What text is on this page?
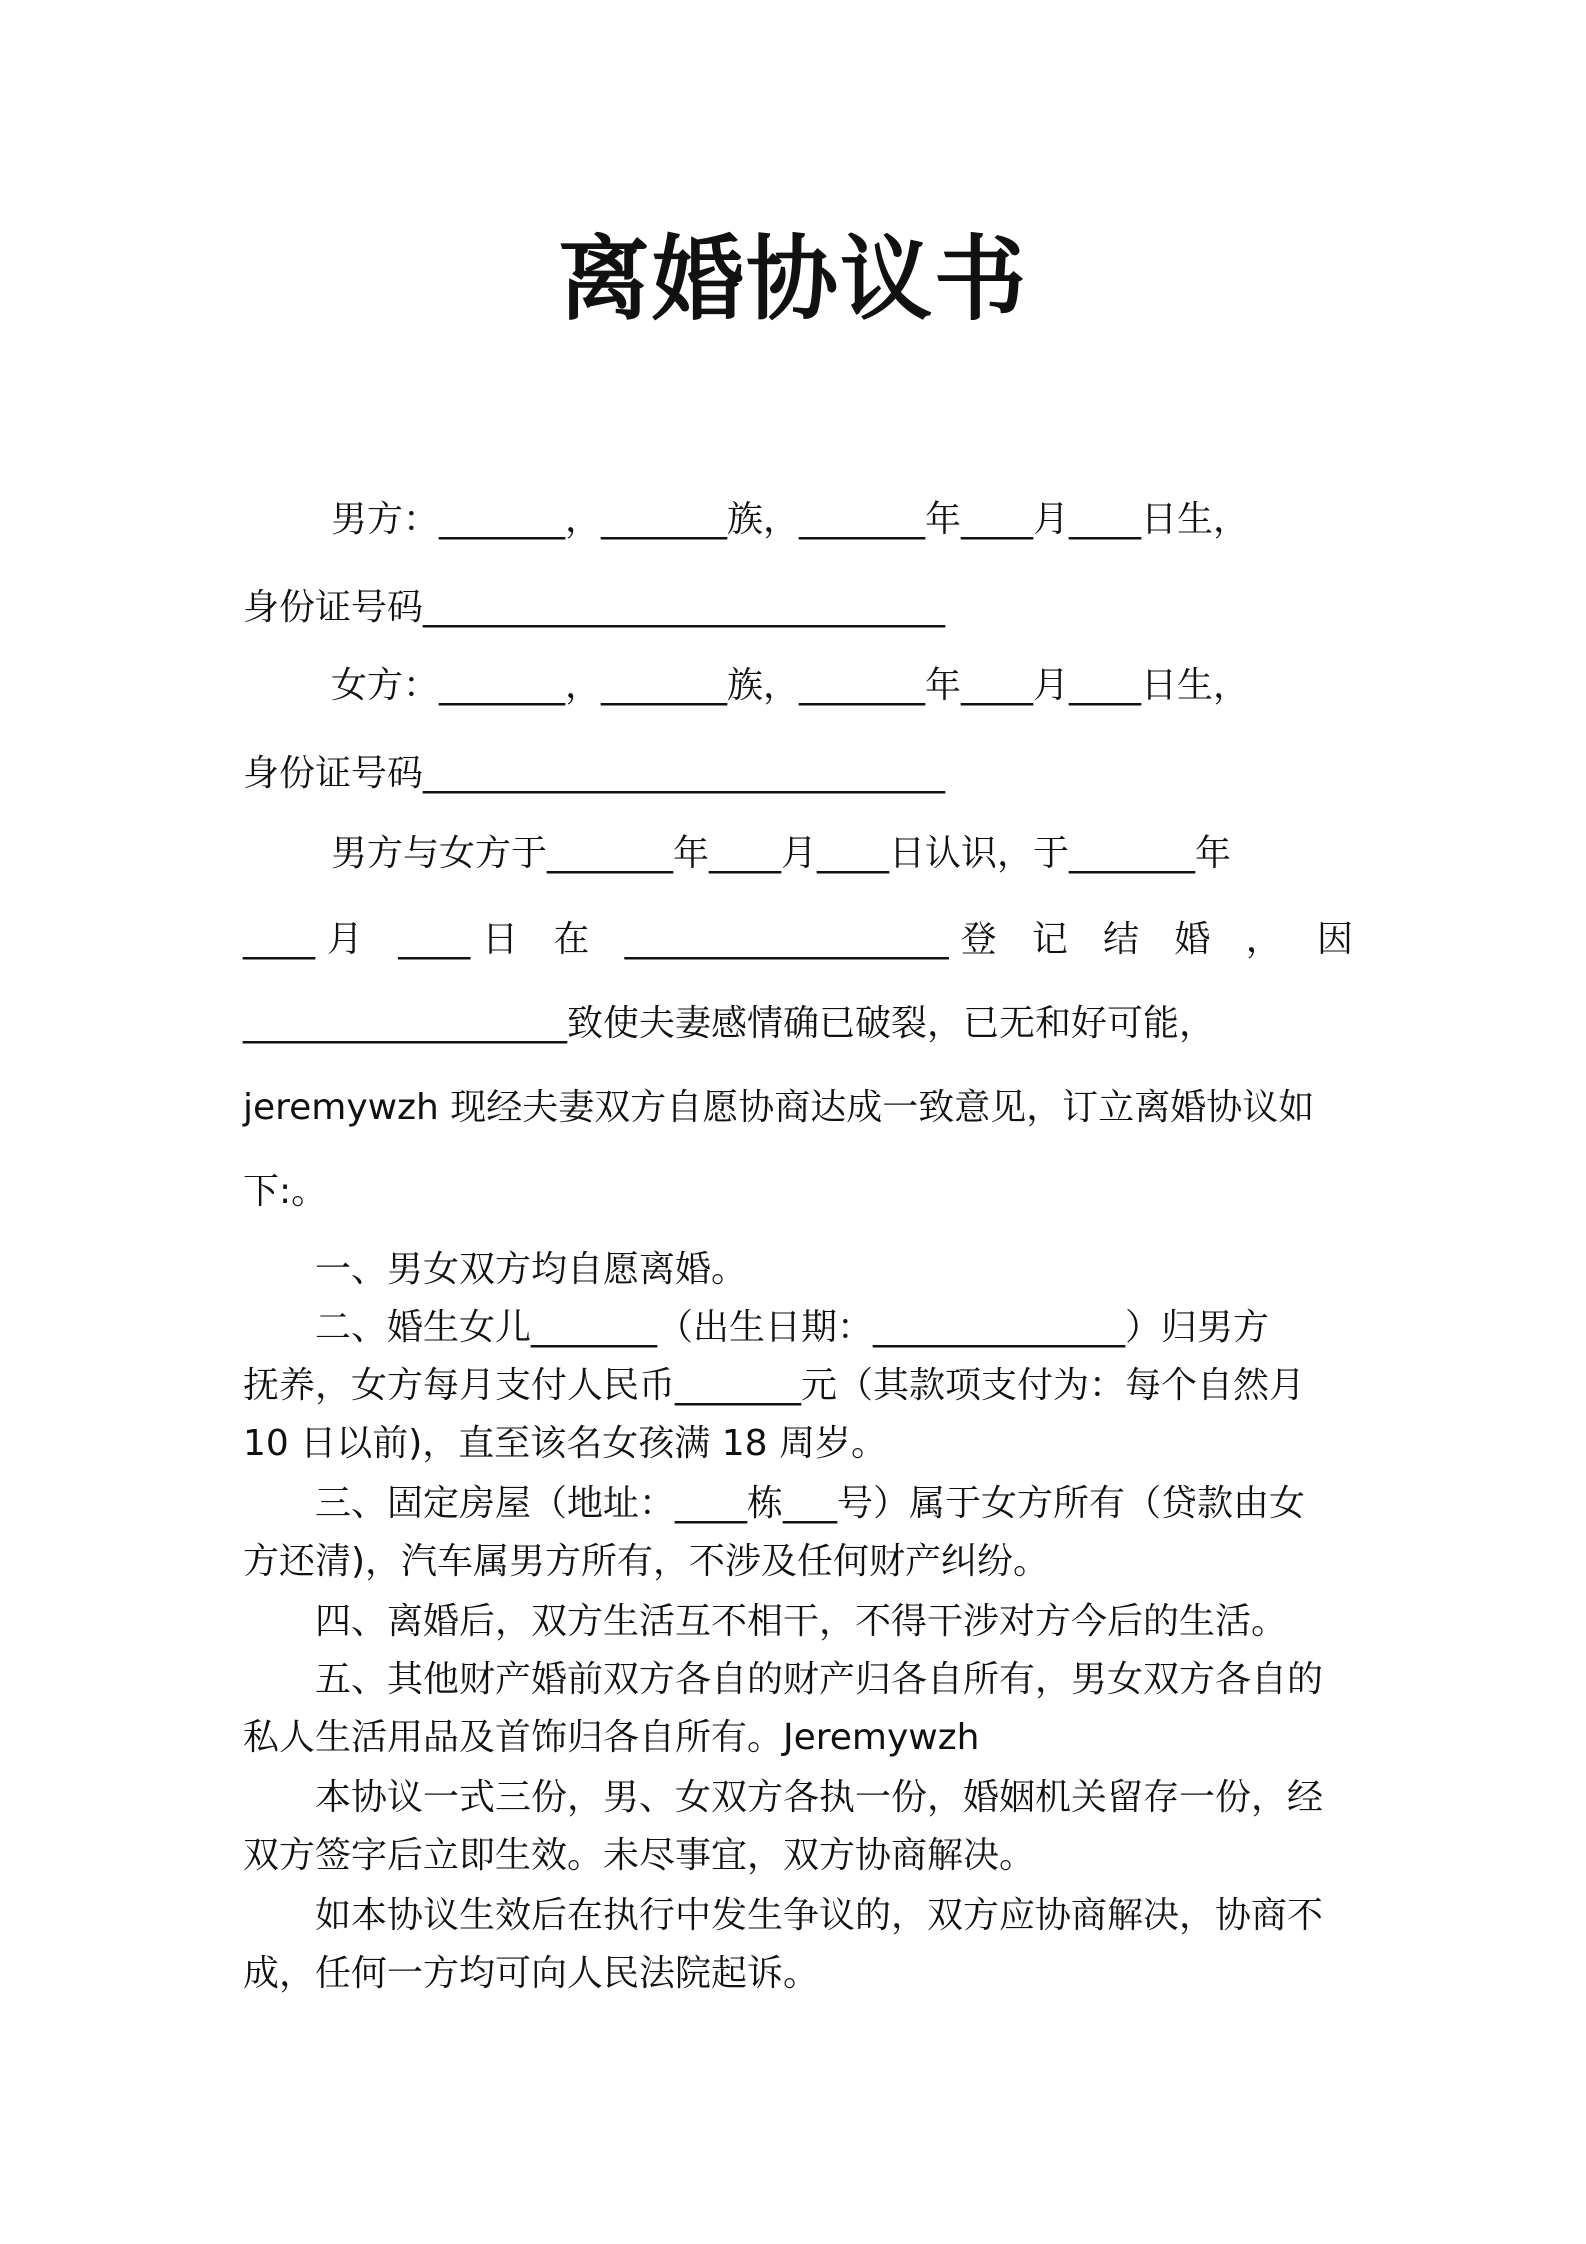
离婚协议书
男方：_______，_______族，_______年____月____日生，
身份证号码_____________________________
女方：_______，_______族，_______年____月____日生，
身份证号码_____________________________
男方与女方于_______年____月____日认识，于_______年
____月 ____日 在 __________________登 记 结 婚 ， 因
__________________致使夫妻感情确已破裂，已无和好可能，
jeremywzh 现经夫妻双方自愿协商达成一致意见，订立离婚协议如
下:。
一、男女双方均自愿离婚。
二、婚生女儿_______（出生日期：______________）归男方
抚养，女方每月支付人民币_______元（其款项支付为：每个自然月
10 日以前)，直至该名女孩满 18 周岁。
三、固定房屋（地址：____栋___号）属于女方所有（贷款由女
方还清)，汽车属男方所有，不涉及任何财产纠纷。
四、离婚后，双方生活互不相干，不得干涉对方今后的生活。
五、其他财产婚前双方各自的财产归各自所有，男女双方各自的
私人生活用品及首饰归各自所有。Jeremywzh
本协议一式三份，男、女双方各执一份，婚姻机关留存一份，经
双方签字后立即生效。未尽事宜，双方协商解决。
如本协议生效后在执行中发生争议的，双方应协商解决，协商不
成，任何一方均可向人民法院起诉。
